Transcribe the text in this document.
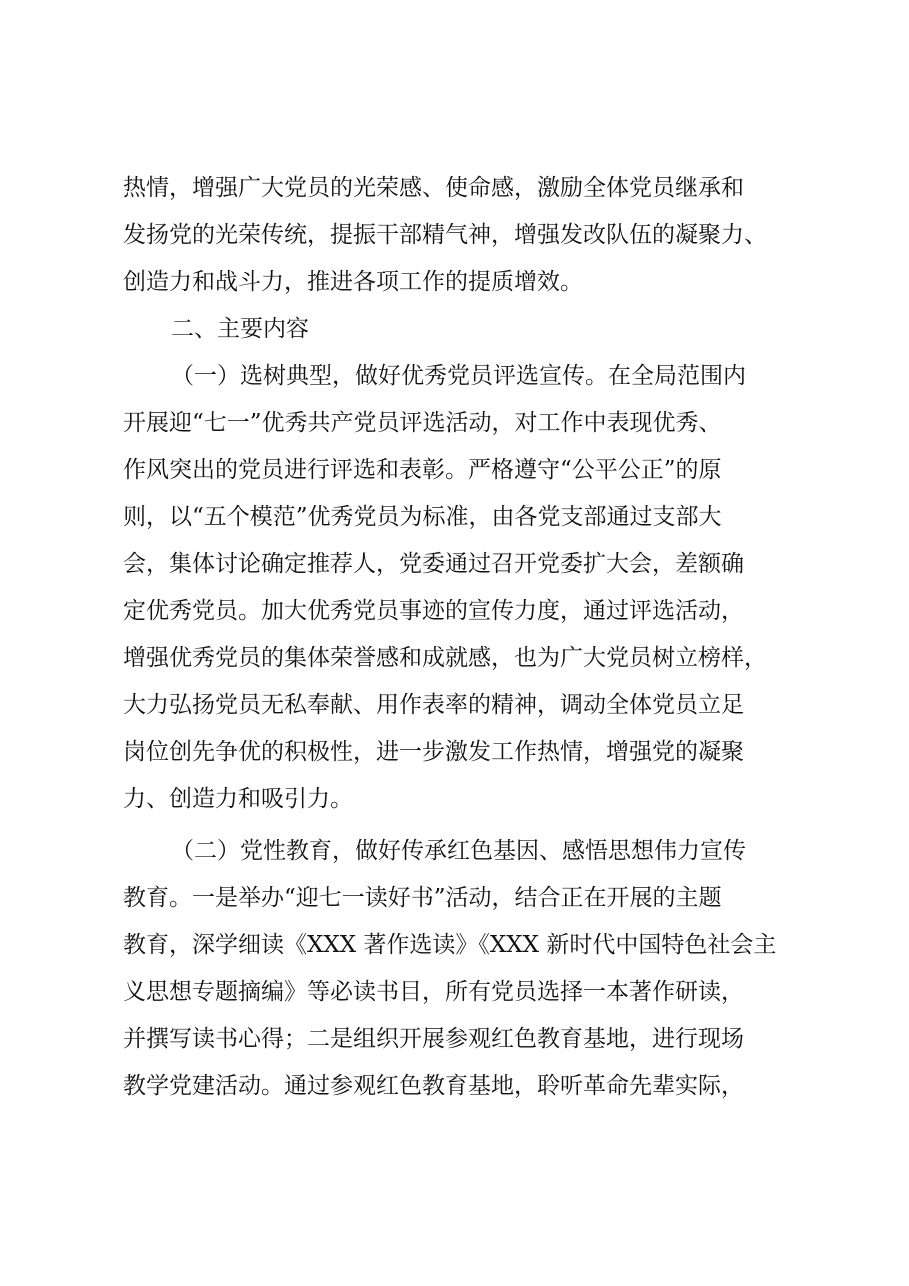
热情，增强广大党员的光荣感、使命感，激励全体党员继承和
发扬党的光荣传统，提振干部精气神，增强发改队伍的凝聚力、
创造力和战斗力，推进各项工作的提质增效。
二、主要内容
（一）选树典型，做好优秀党员评选宣传。在全局范围内
开展迎“七一”优秀共产党员评选活动，对工作中表现优秀、
作风突出的党员进行评选和表彰。严格遵守“公平公正”的原
则，以“五个模范”优秀党员为标准，由各党支部通过支部大
会，集体讨论确定推荐人，党委通过召开党委扩大会，差额确
定优秀党员。加大优秀党员事迹的宣传力度，通过评选活动，
增强优秀党员的集体荣誉感和成就感，也为广大党员树立榜样，
大力弘扬党员无私奉献、用作表率的精神，调动全体党员立足
岗位创先争优的积极性，进一步激发工作热情，增强党的凝聚
力、创造力和吸引力。
（二）党性教育，做好传承红色基因、感悟思想伟力宣传
教育。一是举办“迎七一读好书”活动，结合正在开展的主题
教育，深学细读《XXX 著作选读》《XXX 新时代中国特色社会主
义思想专题摘编》等必读书目，所有党员选择一本著作研读，
并撰写读书心得；二是组织开展参观红色教育基地，进行现场
教学党建活动。通过参观红色教育基地，聆听革命先辈实际，
